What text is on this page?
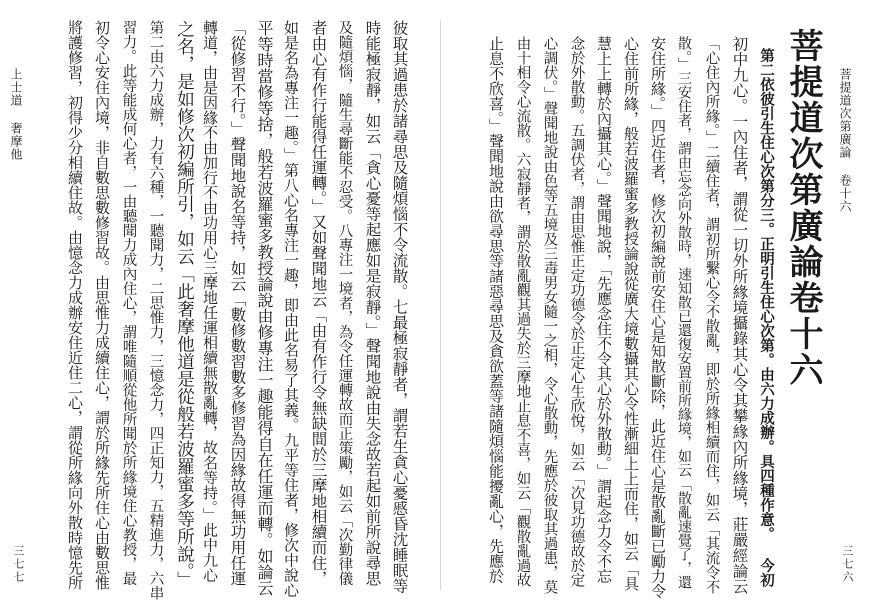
菩提道次第廣論 卷十六
三七六
菩提道次第廣論卷十六
第二依彼引生住心次第分三。正明引生住心次第。由六力成辦。具四種作意。 今初
初中九心。一內住者，謂從一切外所緣境攝錄其心令其攀緣內所緣境，莊嚴經論云
「心住內所緣。」二續住者，謂初所繫心令不散亂，即於所緣相續而住，如云「其流令不
散。」三安住者，謂由忘念向外散時，速知散已還復安置前所緣境，如云「散亂速覺了，還
安住所緣。」四近住者，修次初編說前安住心是知散斷除，此近住心是散亂斷已勵力令
心住前所緣，般若波羅蜜多教授論說從廣大境數攝其心令性漸細上上而住，如云「具
慧上上轉於內攝其心。」聲聞地說，「先應念住不令其心於外散動。」謂起念力令不忘
念於外散動。五調伏者，謂由思惟正定功德令於正定心生欣悅，如云「次見功德故於定
心調伏。」聲聞地說由色等五境及三毒男女隨一之相，令心散動，先應於彼取其過患，莫
由十相令心流散。六寂靜者，謂於散亂觀其過失於三摩地止息不喜，如云「觀散亂過故
止息不欣喜。」聲聞地說由欲尋思等諸惡尋思及貪欲蓋等諸隨煩惱能擾亂心，先應於
彼取其過患於諸尋思及隨煩惱不令流散。七最極寂靜者，謂若生貪心憂慼昏沈睡眠等
時能極寂靜，如云「貪心憂等起應如是寂靜。」聲聞地說由失念故若起如前所說尋思
及隨煩惱，隨生尋斷能不忍受。八專注一境者，為令任運轉故而正策勵，如云「次勤律儀
者由心有作行能得任運轉。」又如聲聞地云「由有作行令無缺間於三摩地相續而住，
如是名為專注一趣。」第八心名專注一趣，即由此名易了其義。九平等住者，修次中說心
平等時當修等捨，般若波羅蜜多教授論說由修專注一趣能得自在任運而轉。如論云
「從修習不行。」聲聞地說名等持，如云「數修數習數多修習為因緣故得無功用任運
轉道，由是因緣不由加行不由功用心三摩地任運相續無散亂轉，故名等持。」此中九心
之名，是如修次初編所引，如云「此奢摩他道是從般若波羅蜜多等所說。」
第二由六力成辦，力有六種，一聽聞力，二思惟力，三憶念力，四正知力，五精進力，六串
習力。此等能成何心者，一由聽聞力成內住心，謂唯隨順從他所聞於所緣境住心教授，最
初令心安住內境，非自數思數修習故。由思惟力成續住心，謂於所緣先所住心由數思惟
將護修習，初得少分相續住故。由憶念力成辦安住近住二心，謂從所緣向外散時憶先所
上士道 奢摩他
三七七
